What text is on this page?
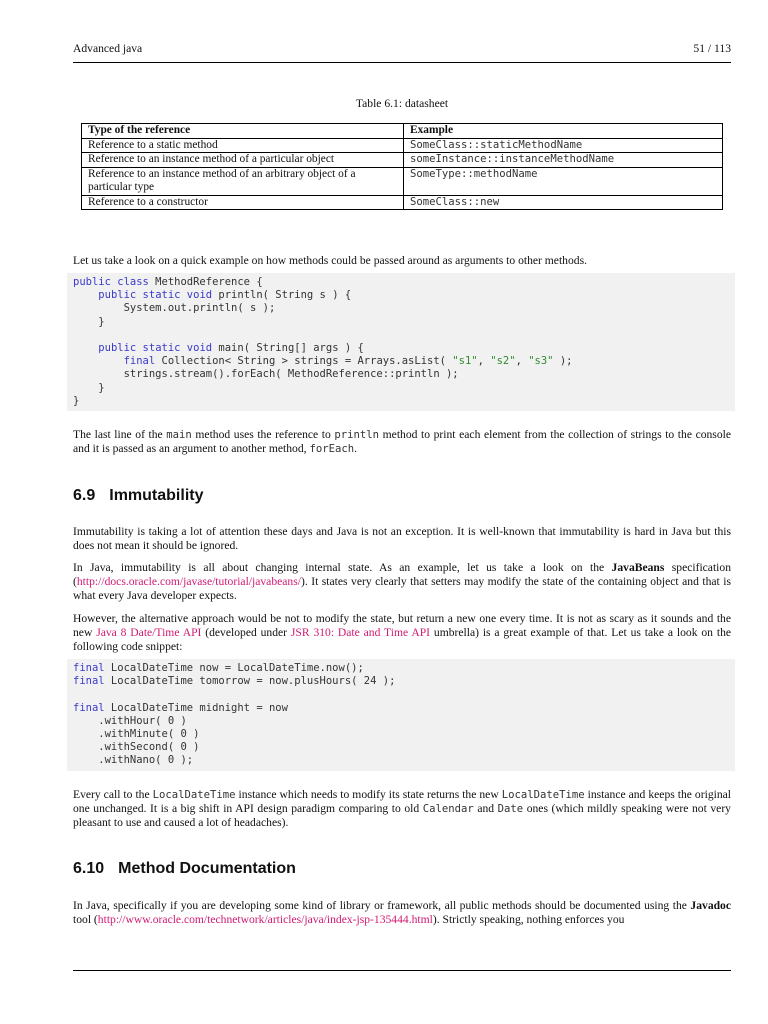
Advanced java	51 / 113
Table 6.1: datasheet
Type of the reference	Example
Reference to a static method	SomeClass::staticMethodName
Reference to an instance method of a particular object	someInstance::instanceMethodName
Reference to an instance method of an arbitrary object of a particular type	SomeType::methodName
Reference to a constructor	SomeClass::new
Let us take a look on a quick example on how methods could be passed around as arguments to other methods.
public class MethodReference {
public static void println( String s ) {
System.out.println( s );
}
public static void main( String[] args ) {
final Collection< String > strings = Arrays.asList( "s1", "s2", "s3" );
strings.stream().forEach( MethodReference::println );
}
}
The last line of the main method uses the reference to println method to print each element from the collection of strings to the console and it is passed as an argument to another method, forEach.
6.9 Immutability
Immutability is taking a lot of attention these days and Java is not an exception. It is well-known that immutability is hard in Java but this does not mean it should be ignored.
In Java, immutability is all about changing internal state. As an example, let us take a look on the JavaBeans specification (http://docs.oracle.com/javase/tutorial/javabeans/). It states very clearly that setters may modify the state of the containing object and that is what every Java developer expects.
However, the alternative approach would be not to modify the state, but return a new one every time. It is not as scary as it sounds and the new Java 8 Date/Time API (developed under JSR 310: Date and Time API umbrella) is a great example of that. Let us take a look on the following code snippet:
final LocalDateTime now = LocalDateTime.now();
final LocalDateTime tomorrow = now.plusHours( 24 );
final LocalDateTime midnight = now
.withHour( 0 )
.withMinute( 0 )
.withSecond( 0 )
.withNano( 0 );
Every call to the LocalDateTime instance which needs to modify its state returns the new LocalDateTime instance and keeps the original one unchanged. It is a big shift in API design paradigm comparing to old Calendar and Date ones (which mildly speaking were not very pleasant to use and caused a lot of headaches).
6.10 Method Documentation
In Java, specifically if you are developing some kind of library or framework, all public methods should be documented using the Javadoc tool (http://www.oracle.com/technetwork/articles/java/index-jsp-135444.html). Strictly speaking, nothing enforces you
